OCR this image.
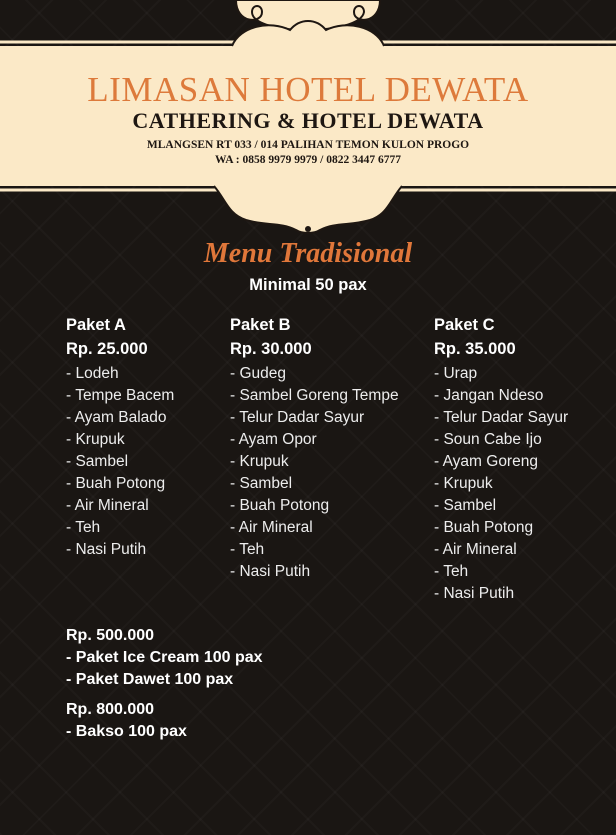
LIMASAN HOTEL DEWATA
CATHERING & HOTEL DEWATA
MLANGSEN RT 033 / 014 PALIHAN TEMON KULON PROGO
WA : 0858 9979 9979 / 0822 3447 6777
Menu Tradisional
Minimal 50 pax
Paket A
Rp. 25.000
- Lodeh
- Tempe Bacem
- Ayam Balado
- Krupuk
- Sambel
- Buah Potong
- Air Mineral
- Teh
- Nasi Putih
Paket B
Rp. 30.000
- Gudeg
- Sambel Goreng Tempe
- Telur Dadar Sayur
- Ayam Opor
- Krupuk
- Sambel
- Buah Potong
- Air Mineral
- Teh
- Nasi Putih
Paket C
Rp. 35.000
- Urap
- Jangan Ndeso
- Telur Dadar Sayur
- Soun Cabe Ijo
- Ayam Goreng
- Krupuk
- Sambel
- Buah Potong
- Air Mineral
- Teh
- Nasi Putih
Rp. 500.000
- Paket Ice Cream 100 pax
- Paket Dawet 100 pax
Rp. 800.000
- Bakso 100 pax
